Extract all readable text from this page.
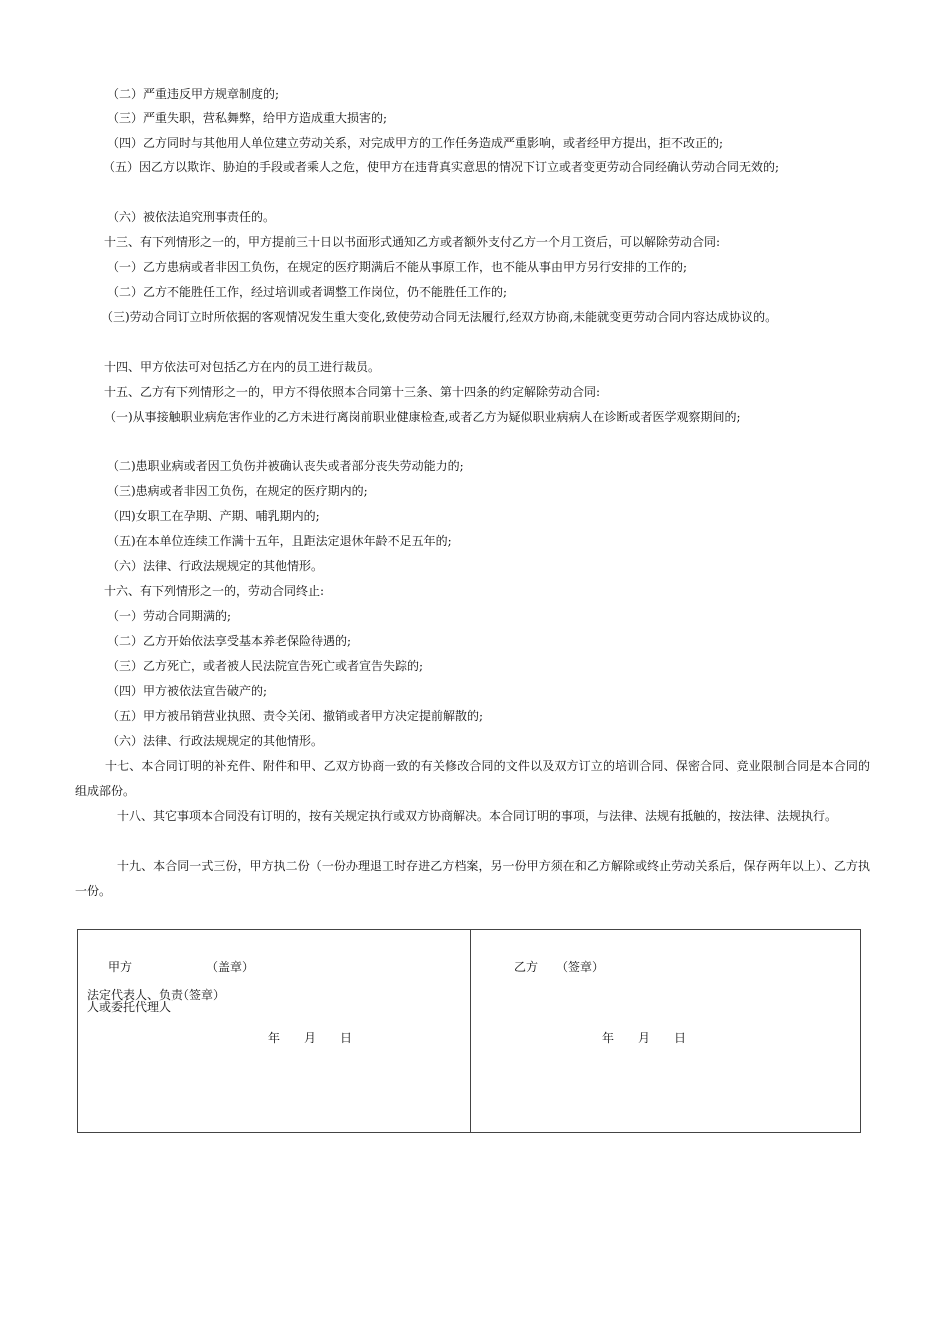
（二）严重违反甲方规章制度的;

（三）严重失职，营私舞弊，给甲方造成重大损害的;

（四）乙方同时与其他用人单位建立劳动关系，对完成甲方的工作任务造成严重影响，或者经甲方提出，拒不改正的;

（五）因乙方以欺诈、胁迫的手段或者乘人之危，使甲方在违背真实意思的情况下订立或者变更劳动合同经确认劳动合同无效的;

（六）被依法追究刑事责任的。

十三、有下列情形之一的，甲方提前三十日以书面形式通知乙方或者额外支付乙方一个月工资后，可以解除劳动合同:

（一）乙方患病或者非因工负伤，在规定的医疗期满后不能从事原工作，也不能从事由甲方另行安排的工作的;

（二）乙方不能胜任工作，经过培训或者调整工作岗位，仍不能胜任工作的;

（三)劳动合同订立时所依据的客观情况发生重大变化,致使劳动合同无法履行,经双方协商,未能就变更劳动合同内容达成协议的。

十四、甲方依法可对包括乙方在内的员工进行裁员。

十五、乙方有下列情形之一的，甲方不得依照本合同第十三条、第十四条的约定解除劳动合同:

（一)从事接触职业病危害作业的乙方未进行离岗前职业健康检查,或者乙方为疑似职业病病人在诊断或者医学观察期间的;

（二)患职业病或者因工负伤并被确认丧失或者部分丧失劳动能力的;

（三)患病或者非因工负伤，在规定的医疗期内的;

（四)女职工在孕期、产期、哺乳期内的;

（五)在本单位连续工作满十五年，且距法定退休年龄不足五年的;

（六）法律、行政法规规定的其他情形。

十六、有下列情形之一的，劳动合同终止:

（一）劳动合同期满的;

（二）乙方开始依法享受基本养老保险待遇的;

（三）乙方死亡，或者被人民法院宣告死亡或者宣告失踪的;

（四）甲方被依法宣告破产的;

（五）甲方被吊销营业执照、责令关闭、撤销或者甲方决定提前解散的;

（六）法律、行政法规规定的其他情形。

十七、本合同订明的补充件、附件和甲、乙双方协商一致的有关修改合同的文件以及双方订立的培训合同、保密合同、竞业限制合同是本合同的组成部份。

十八、其它事项本合同没有订明的，按有关规定执行或双方协商解决。本合同订明的事项，与法律、法规有抵触的，按法律、法规执行。

十九、本合同一式三份，甲方执二份（一份办理退工时存进乙方档案，另一份甲方须在和乙方解除或终止劳动关系后，保存两年以上）、乙方执一份。

甲方	（盖章）
法定代表人、负责
人或委托代理人
（签章）
年　　月　　日
乙方 （签章）
年　　月　　日
